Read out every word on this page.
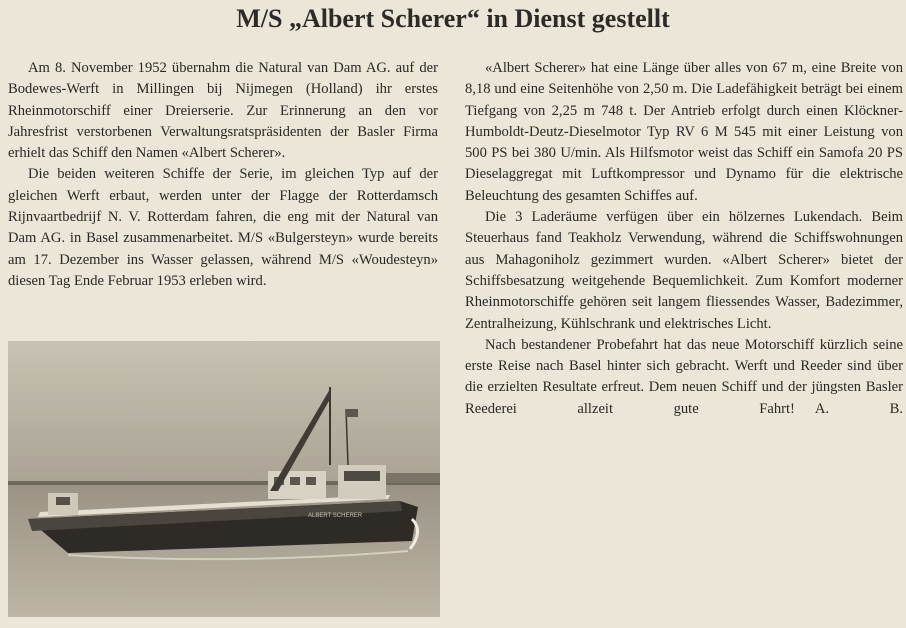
M/S „Albert Scherer“ in Dienst gestellt

Am 8. November 1952 übernahm die Natural van Dam AG. auf der Bodewes-Werft in Millingen bij Nijmegen (Holland) ihr erstes Rheinmotorschiff einer Dreierserie. Zur Erinnerung an den vor Jahresfrist verstorbenen Verwaltungsratspräsidenten der Basler Firma erhielt das Schiff den Namen «Albert Scherer».

Die beiden weiteren Schiffe der Serie, im gleichen Typ auf der gleichen Werft erbaut, werden unter der Flagge der Rotterdamsch Rijnvaartbedrijf N. V. Rotterdam fahren, die eng mit der Natural van Dam AG. in Basel zusammenarbeitet. M/S «Bulgersteyn» wurde bereits am 17. Dezember ins Wasser gelassen, während M/S «Woudesteyn» diesen Tag Ende Februar 1953 erleben wird.

ALBERT SCHERER

«Albert Scherer» hat eine Länge über alles von 67 m, eine Breite von 8,18 und eine Seitenhöhe von 2,50 m. Die Ladefähigkeit beträgt bei einem Tiefgang von 2,25 m 748 t. Der Antrieb erfolgt durch einen Klöckner-Humboldt-Deutz-Dieselmotor Typ RV 6 M 545 mit einer Leistung von 500 PS bei 380 U/min. Als Hilfsmotor weist das Schiff ein Samofa 20 PS Dieselaggregat mit Luftkompressor und Dynamo für die elektrische Beleuchtung des gesamten Schiffes auf.

Die 3 Laderäume verfügen über ein hölzernes Lukendach. Beim Steuerhaus fand Teakholz Verwendung, während die Schiffswohnungen aus Mahagoniholz gezimmert wurden. «Albert Scherer» bietet der Schiffsbesatzung weitgehende Bequemlichkeit. Zum Komfort moderner Rheinmotorschiffe gehören seit langem fliessendes Wasser, Badezimmer, Zentralheizung, Kühlschrank und elektrisches Licht.

Nach bestandener Probefahrt hat das neue Motorschiff kürzlich seine erste Reise nach Basel hinter sich gebracht. Werft und Reeder sind über die erzielten Resultate erfreut. Dem neuen Schiff und der jüngsten Basler Reederei allzeit gute Fahrt! A. B.
